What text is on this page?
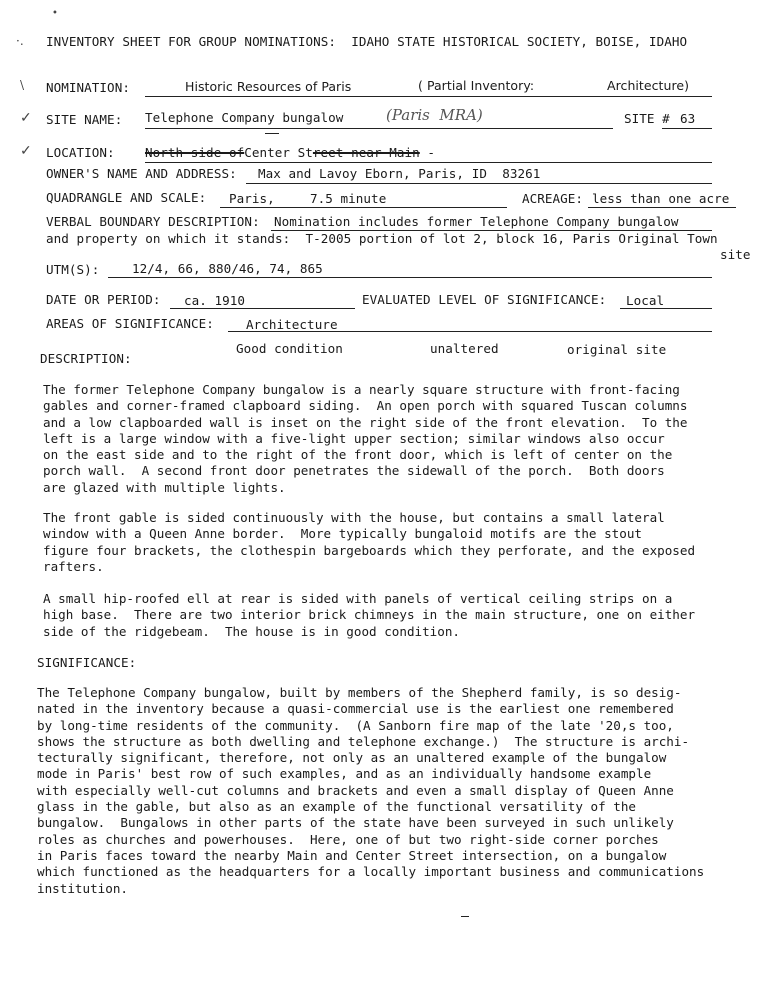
•
·.
\
✓
✓
INVENTORY SHEET FOR GROUP NOMINATIONS:  IDAHO STATE HISTORICAL SOCIETY, BOISE, IDAHO
NOMINATION:	Historic Resources of Paris	( Partial Inventory:	Architecture)
SITE NAME: Telephone Company bungalow	(Paris  MRA)	SITE # 63
LOCATION: North side ofCenter Street near Main -
OWNER'S NAME AND ADDRESS: Max and Lavoy Eborn, Paris, ID  83261
QUADRANGLE AND SCALE: Paris,	7.5 minute	ACREAGE: less than one acre
VERBAL BOUNDARY DESCRIPTION: Nomination includes former Telephone Company bungalow
and property on which it stands:  T-2005 portion of lot 2, block 16, Paris Original Town
site
UTM(S):	12/4, 66, 880/46, 74, 865
DATE OR PERIOD: ca. 1910	EVALUATED LEVEL OF SIGNIFICANCE: Local
AREAS OF SIGNIFICANCE:	Architecture
Good condition	unaltered	original site
DESCRIPTION:
The former Telephone Company bungalow is a nearly square structure with front-facing
gables and corner-framed clapboard siding.  An open porch with squared Tuscan columns
and a low clapboarded wall is inset on the right side of the front elevation.  To the
left is a large window with a five-light upper section; similar windows also occur
on the east side and to the right of the front door, which is left of center on the
porch wall.  A second front door penetrates the sidewall of the porch.  Both doors
are glazed with multiple lights.
The front gable is sided continuously with the house, but contains a small lateral
window with a Queen Anne border.  More typically bungaloid motifs are the stout
figure four brackets, the clothespin bargeboards which they perforate, and the exposed
rafters.
A small hip-roofed ell at rear is sided with panels of vertical ceiling strips on a
high base.  There are two interior brick chimneys in the main structure, one on either
side of the ridgebeam.  The house is in good condition.
SIGNIFICANCE:
The Telephone Company bungalow, built by members of the Shepherd family, is so desig-
nated in the inventory because a quasi-commercial use is the earliest one remembered
by long-time residents of the community.  (A Sanborn fire map of the late '20,s too,
shows the structure as both dwelling and telephone exchange.)  The structure is archi-
tecturally significant, therefore, not only as an unaltered example of the bungalow
mode in Paris' best row of such examples, and as an individually handsome example
with especially well-cut columns and brackets and even a small display of Queen Anne
glass in the gable, but also as an example of the functional versatility of the
bungalow.  Bungalows in other parts of the state have been surveyed in such unlikely
roles as churches and powerhouses.  Here, one of but two right-side corner porches
in Paris faces toward the nearby Main and Center Street intersection, on a bungalow
which functioned as the headquarters for a locally important business and communications
institution.
